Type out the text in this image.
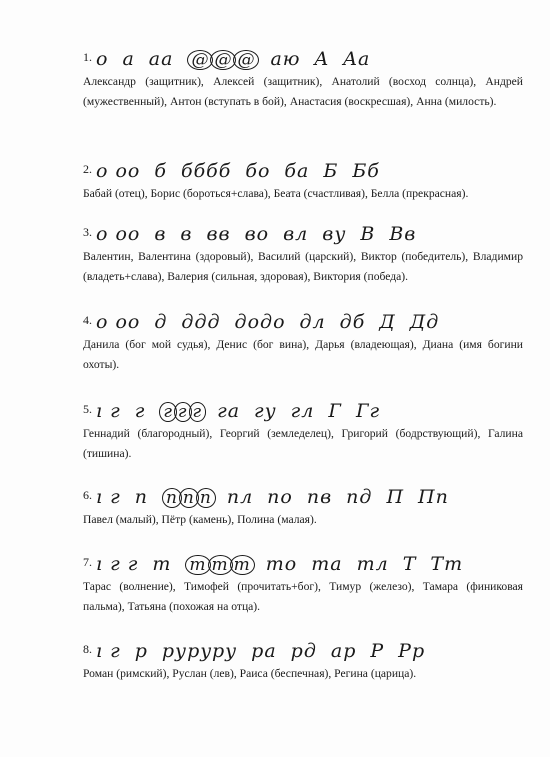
1. o a aa @ @ @ aю A Aa
Александр (защитник), Алексей (защитник), Анатолий (восход солнца), Андрей (мужественный), Антон (вступать в бой), Анастасия (воскресшая), Анна (милость).
2. o oo б бббб бo бa Б Бб
Бабай (отец), Борис (бороться+слава), Беата (счастливая), Белла (прекрасная).
3. o oo в в вв вo вл ву В Вв
Валентин, Валентина (здоровый), Василий (царский), Виктор (победитель), Владимир (владеть+слава), Валерия (сильная, здоровая), Виктория (победа).
4. o oo д ддд додо дл дб Д Дд
Данила (бог мой судья), Денис (бог вина), Дарья (владеющая), Диана (имя богини охоты).
5. ı г г г г г га гу гл Г Гг
Геннадий (благородный), Георгий (земледелец), Григорий (бодрствующий), Галина (тишина).
6. ı г п п п п пл по пв пд П Пп
Павел (малый), Пётр (камень), Полина (малая).
7. ı г г т т т т то та тл Т Тт
Тарас (волнение), Тимофей (прочитать+бог), Тимур (железо), Тамара (финиковая пальма), Татьяна (похожая на отца).
8. ı г р рурyру ра рд ар Р Рр
Роман (римский), Руслан (лев), Раиса (беспечная), Регина (царица).
